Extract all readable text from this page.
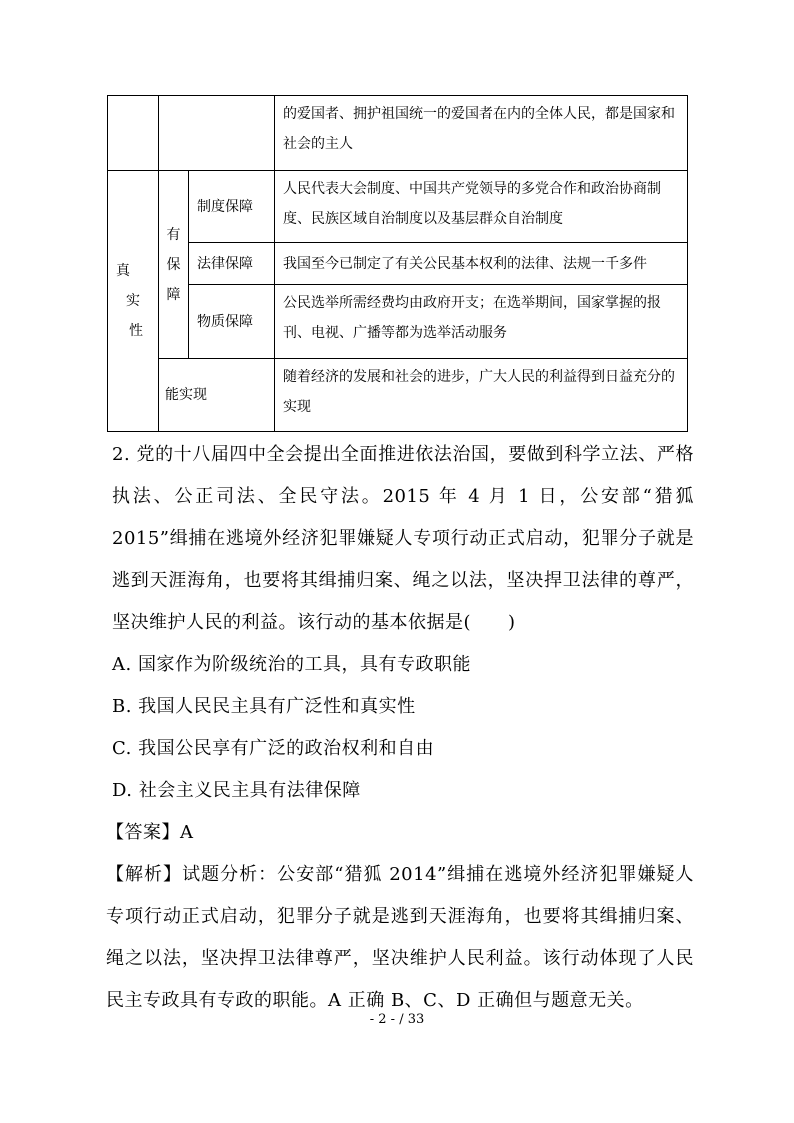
的爱国者、拥护祖国统一的爱国者在内的全体人民，都是国家和社会的主人
真
实
性
有
保
障
制度保障
人民代表大会制度、中国共产党领导的多党合作和政治协商制度、民族区域自治制度以及基层群众自治制度
法律保障	我国至今已制定了有关公民基本权利的法律、法规一千多件
物质保障
公民选举所需经费均由政府开支；在选举期间，国家掌握的报刊、电视、广播等都为选举活动服务
能实现
随着经济的发展和社会的进步，广大人民的利益得到日益充分的实现

2. 党的十八届四中全会提出全面推进依法治国，要做到科学立法、严格执法、公正司法、全民守法。2015 年 4 月 1 日，公安部“猎狐 2015”缉捕在逃境外经济犯罪嫌疑人专项行动正式启动，犯罪分子就是逃到天涯海角，也要将其缉捕归案、绳之以法，坚决捍卫法律的尊严，坚决维护人民的利益。该行动的基本依据是(　　)

A. 国家作为阶级统治的工具，具有专政职能

B. 我国人民民主具有广泛性和真实性

C. 我国公民享有广泛的政治权利和自由

D. 社会主义民主具有法律保障

【答案】A

【解析】试题分析：公安部“猎狐 2014”缉捕在逃境外经济犯罪嫌疑人专项行动正式启动，犯罪分子就是逃到天涯海角，也要将其缉捕归案、绳之以法，坚决捍卫法律尊严，坚决维护人民利益。该行动体现了人民民主专政具有专政的职能。A 正确 B、C、D 正确但与题意无关。

- 2 - / 33
